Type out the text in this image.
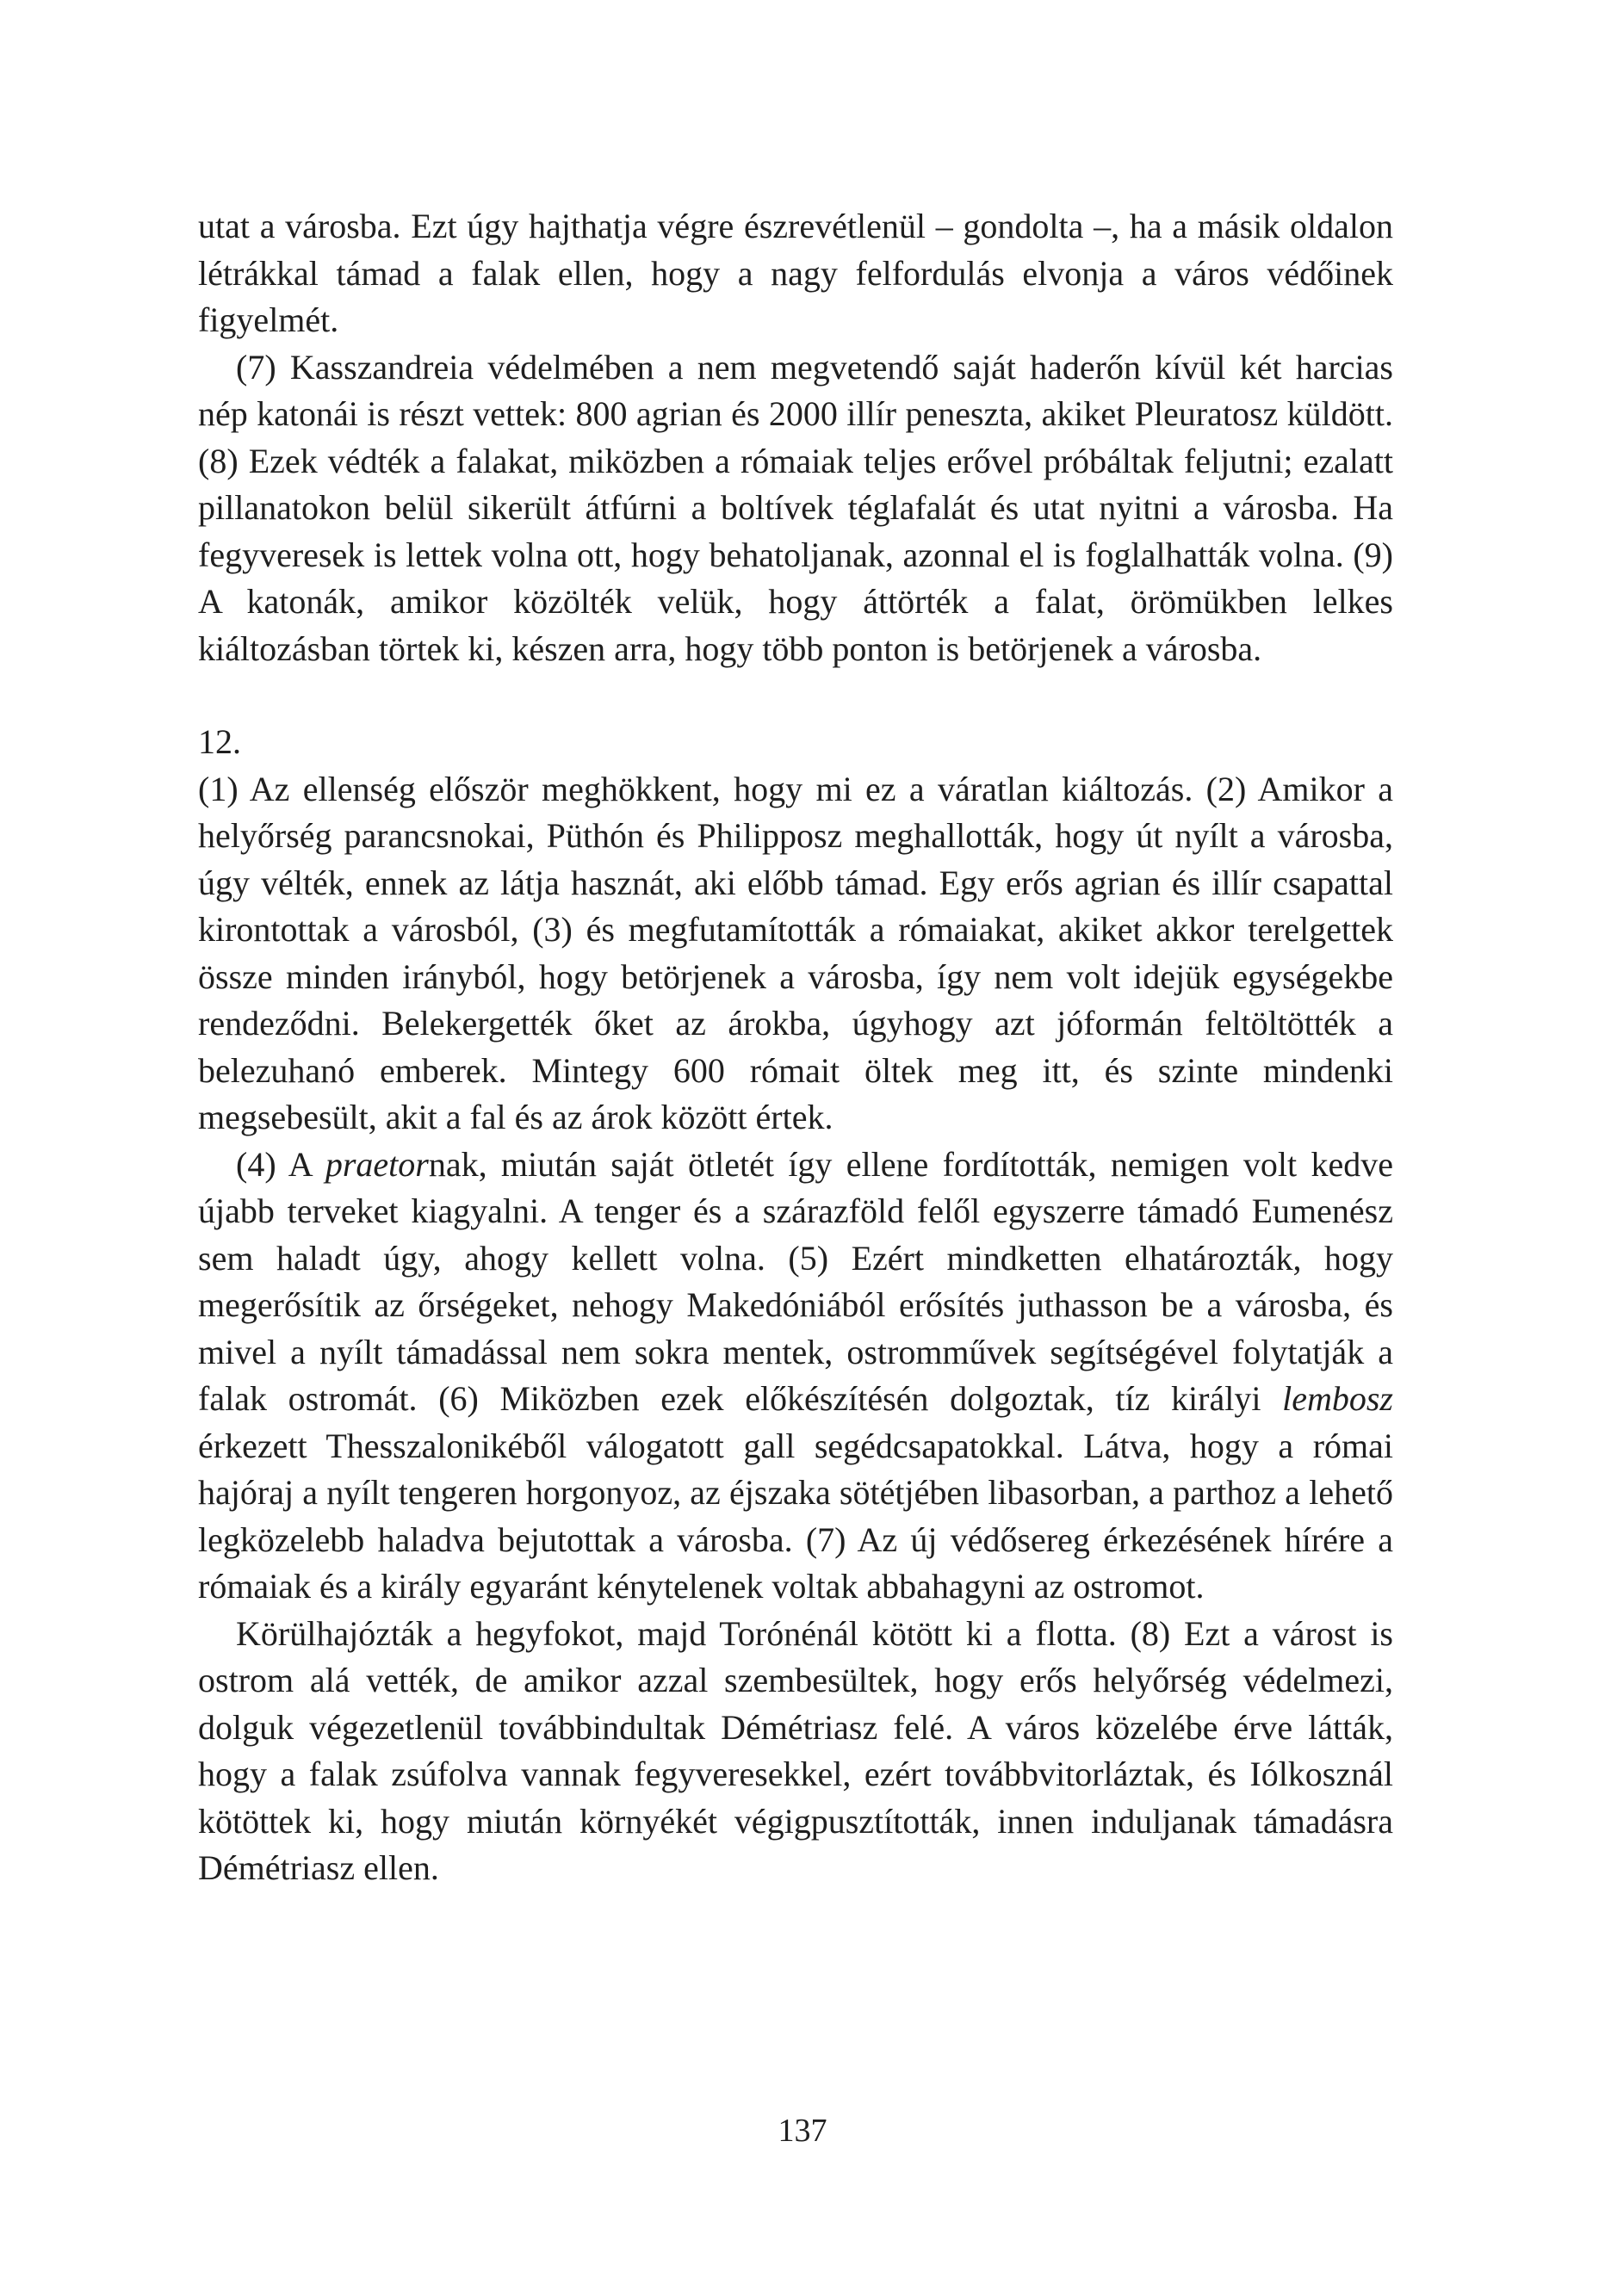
utat a városba. Ezt úgy hajthatja végre észrevétlenül – gondolta –, ha a másik oldalon létrákkal támad a falak ellen, hogy a nagy felfordulás elvonja a város védőinek figyelmét.

(7) Kasszandreia védelmében a nem megvetendő saját haderőn kívül két harcias nép katonái is részt vettek: 800 agrian és 2000 illír peneszta, akiket Pleuratosz küldött. (8) Ezek védték a falakat, miközben a rómaiak teljes erővel próbáltak feljutni; ezalatt pillanatokon belül sikerült átfúrni a boltívek téglafalát és utat nyitni a városba. Ha fegyveresek is lettek volna ott, hogy behatoljanak, azonnal el is foglalhatták volna. (9) A katonák, amikor közölték velük, hogy áttörték a falat, örömükben lelkes kiáltozásban törtek ki, készen arra, hogy több ponton is betörjenek a városba.

12.

(1) Az ellenség először meghökkent, hogy mi ez a váratlan kiáltozás. (2) Amikor a helyőrség parancsnokai, Püthón és Philipposz meghallották, hogy út nyílt a városba, úgy vélték, ennek az látja hasznát, aki előbb támad. Egy erős agrian és illír csapattal kirontottak a városból, (3) és megfutamították a rómaiakat, akiket akkor terelgettek össze minden irányból, hogy betörjenek a városba, így nem volt idejük egységekbe rendeződni. Belekergették őket az árokba, úgyhogy azt jóformán feltöltötték a belezuhanó emberek. Mintegy 600 rómait öltek meg itt, és szinte mindenki megsebesült, akit a fal és az árok között értek.

(4) A praetornak, miután saját ötletét így ellene fordították, nemigen volt kedve újabb terveket kiagyalni. A tenger és a szárazföld felől egyszerre támadó Eumenész sem haladt úgy, ahogy kellett volna. (5) Ezért mindketten elhatározták, hogy megerősítik az őrségeket, nehogy Makedóniából erősítés juthasson be a városba, és mivel a nyílt támadással nem sokra mentek, ostromművek segítségével folytatják a falak ostromát. (6) Miközben ezek előkészítésén dolgoztak, tíz királyi lembosz érkezett Thesszalonikéből válogatott gall segédcsapatokkal. Látva, hogy a római hajóraj a nyílt tengeren horgonyoz, az éjszaka sötétjében libasorban, a parthoz a lehető legközelebb haladva bejutottak a városba. (7) Az új védősereg érkezésének hírére a rómaiak és a király egyaránt kénytelenek voltak abbahagyni az ostromot.

Körülhajózták a hegyfokot, majd Torónénál kötött ki a flotta. (8) Ezt a várost is ostrom alá vették, de amikor azzal szembesültek, hogy erős helyőrség védelmezi, dolguk végezetlenül továbbindultak Démétriasz felé. A város közelébe érve látták, hogy a falak zsúfolva vannak fegyveresekkel, ezért továbbvitorláztak, és Iólkosznál kötöttek ki, hogy miután környékét végigpusztították, innen induljanak támadásra Démétriasz ellen.

137
